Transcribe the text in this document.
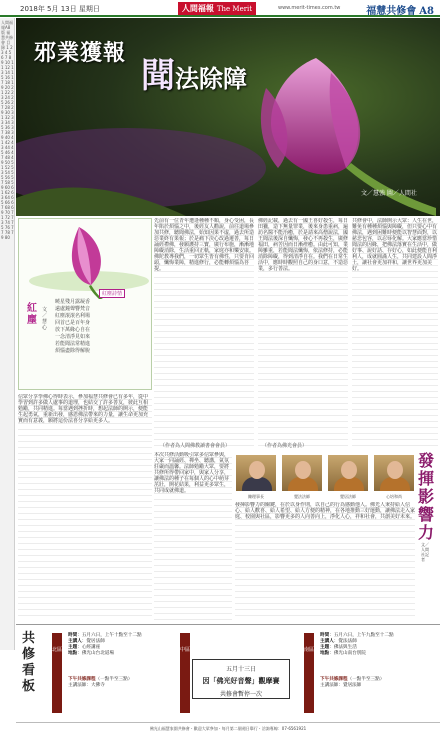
2018年 5月 13日 星期日	人間福報 The Merit	www.merit-times.com.tw	福慧共修會 A8
人間福報A8版 福慧共修會 目錄 1 2 3 4 5 6 7 8 9 10 11 12 13 14 15 16 17 18 19 20 21 22 23 24 25 26 27 28 29 30 31 32 33 34 35 36 37 38 39 40 41 42 43 44 45 46 47 48 49 50 51 52 53 54 55 56 57 58 59 60 61 62 63 64 65 66 67 68 69 70 71 72 73 74 75 76 77 78 79 80
邪業獲報
聞法除障
文／慧強 圖／人間社
先前有一位青年遭逢種種不順，身心受困，長年陷於煩惱之中，後經友人勸說，前往道場參加共修，聽聞佛法，始知因果不虛，過去所造惡業終有果報；於是痛下決心改過遷善，每日誦經禮佛，發願護持三寶，廣行布施，漸漸地障礙消除，生活重回正軌，家庭亦和樂安康。佛陀教導我們，一切眾生皆有佛性，只要肯回頭，懺悔業障，精進修行，必能轉煩惱為菩提。
佛經記載，過去有一國王喜好殺生，每日田獵，造下無量罪業，後來身患重病，遍訪名醫不能治癒，於是請來高僧說法，國王聞法後深自懺悔，發心不再殺生，廣修福田，病苦因而日漸痊癒。由此可知，業障雖重，若能聞法懺悔，依法修持，必能消除障礙，得到清淨自在。我們在日常生活中，應時時觀照自己的身口意，不造惡業，多行善法。
共修會中，法師開示大眾：人生在世，難免有種種煩惱與障礙，但只要心中有佛法，遇到困難時便能以智慧面對，以慈悲包容，以忍辱化解。大家應當珍惜聞法的因緣，把佛法落實在生活中，做好事、說好話、存好心，如此便能自利利人，成就圓滿人生，共同建設人間淨土，讓社會更加祥和，讓世界更加美好。
信眾分享學佛心得時表示，參加福慧共修會已有多年，從中學習到許多做人處事的道理，也結交了許多善友，彼此互相勉勵，共同精進。每當遇到挫折時，想起法師的開示，便能生起勇氣，重新出發，感恩佛法帶來的力量，讓生命更加充實而有意義，願將這份法喜分享給更多人。
本次共修活動吸引眾多信眾參與，大家一同誦經、禪坐、聽講，氣氛莊嚴而溫馨。法師勉勵大眾，要將共修所得帶回家中，與家人分享，讓佛法的種子在每個人的心中萌芽茁壯，開花結果，利益更多眾生，共同成就佛道。
發揮影響力的關鍵，在於以身作則，以自己的行為感動他人。佛光人秉持給人信心、給人歡喜、給人希望、給人方便的精神，在各地推動三好運動，讓佛法走入家庭、校園與社區，影響更多的人向善向上，淨化人心，祥和社會，共創美好未來。
紅塵詩情
紅塵
文／慧心
曉星殘月露凝香
遠處鐘聲響梵音
紅塵滾滾名利場
回首已是百年身
放下萬緣心自在
一念清淨見如來
若能聞法常精進
煩惱盡除得解脫
（作者為人間佛教讀書會會員）	（作者為佛光會員）
陳理事長	覺法法師	覺居法師	心培和尚
發揮影響力
文／人間社記者
共修看板
北區
時間：五月六日，上午十點至十二點
主講人：覺居法師
主題：心經講座
地點：佛光山台北道場
下午共修課程（一點半至三點）
主講法師：大佛寺
中區
五月十三日
因「佛光好音聲」觀摩賽
共修會暫停一次
南區
時間：五月六日，上午九點至十二點
主講人：覺法法師
主題：佛法與生活
地點：佛光山南台別院
下午共修課程（一點半至三點）
主講法師：覺居法師
佛光山福慧家園共修會・歡迎大眾參加・每月第二個週日舉行・洽詢專線：07-6561921
